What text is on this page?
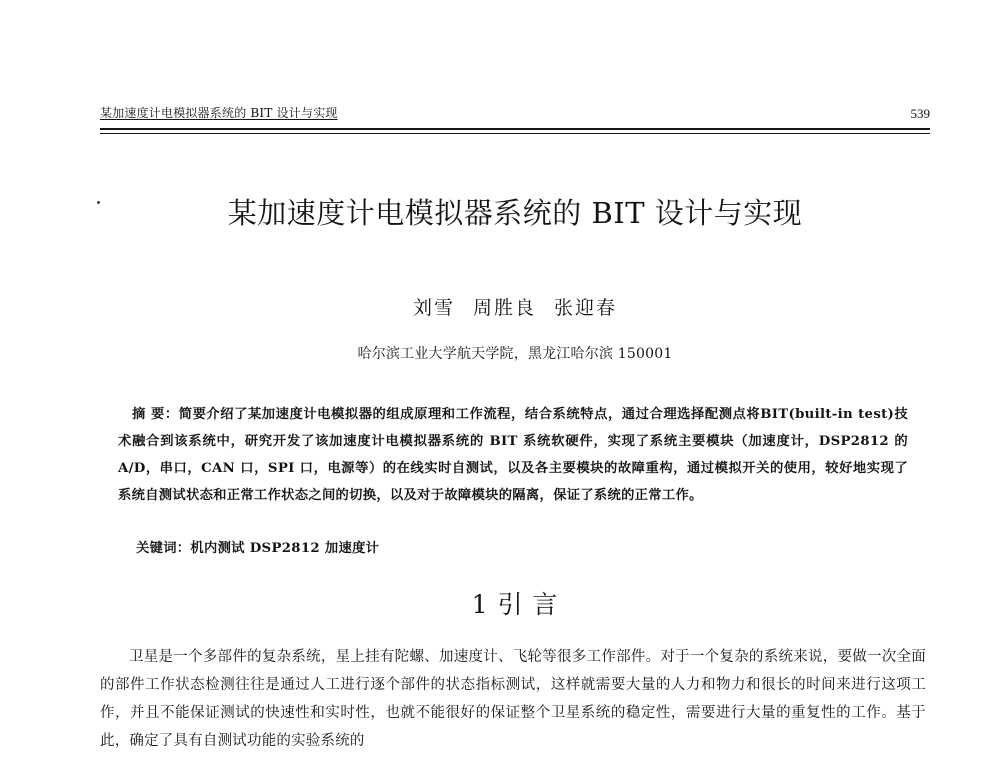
某加速度计电模拟器系统的 BIT 设计与实现	539
某加速度计电模拟器系统的 BIT 设计与实现
刘雪 周胜良 张迎春
哈尔滨工业大学航天学院，黑龙江哈尔滨 150001
摘 要：简要介绍了某加速度计电模拟器的组成原理和工作流程，结合系统特点，通过合理选择配测点将BIT(built-in test)技术融合到该系统中，研究开发了该加速度计电模拟器系统的 BIT 系统软硬件，实现了系统主要模块（加速度计，DSP2812 的 A/D，串口，CAN 口，SPI 口，电源等）的在线实时自测试，以及各主要模块的故障重构，通过模拟开关的使用，较好地实现了系统自测试状态和正常工作状态之间的切换，以及对于故障模块的隔离，保证了系统的正常工作。
关键词：机内测试 DSP2812 加速度计
1 引 言
卫星是一个多部件的复杂系统，星上挂有陀螺、加速度计、飞轮等很多工作部件。对于一个复杂的系统来说，要做一次全面的部件工作状态检测往往是通过人工进行逐个部件的状态指标测试，这样就需要大量的人力和物力和很长的时间来进行这项工作，并且不能保证测试的快速性和实时性，也就不能很好的保证整个卫星系统的稳定性，需要进行大量的重复性的工作。基于此，确定了具有自测试功能的实验系统的
